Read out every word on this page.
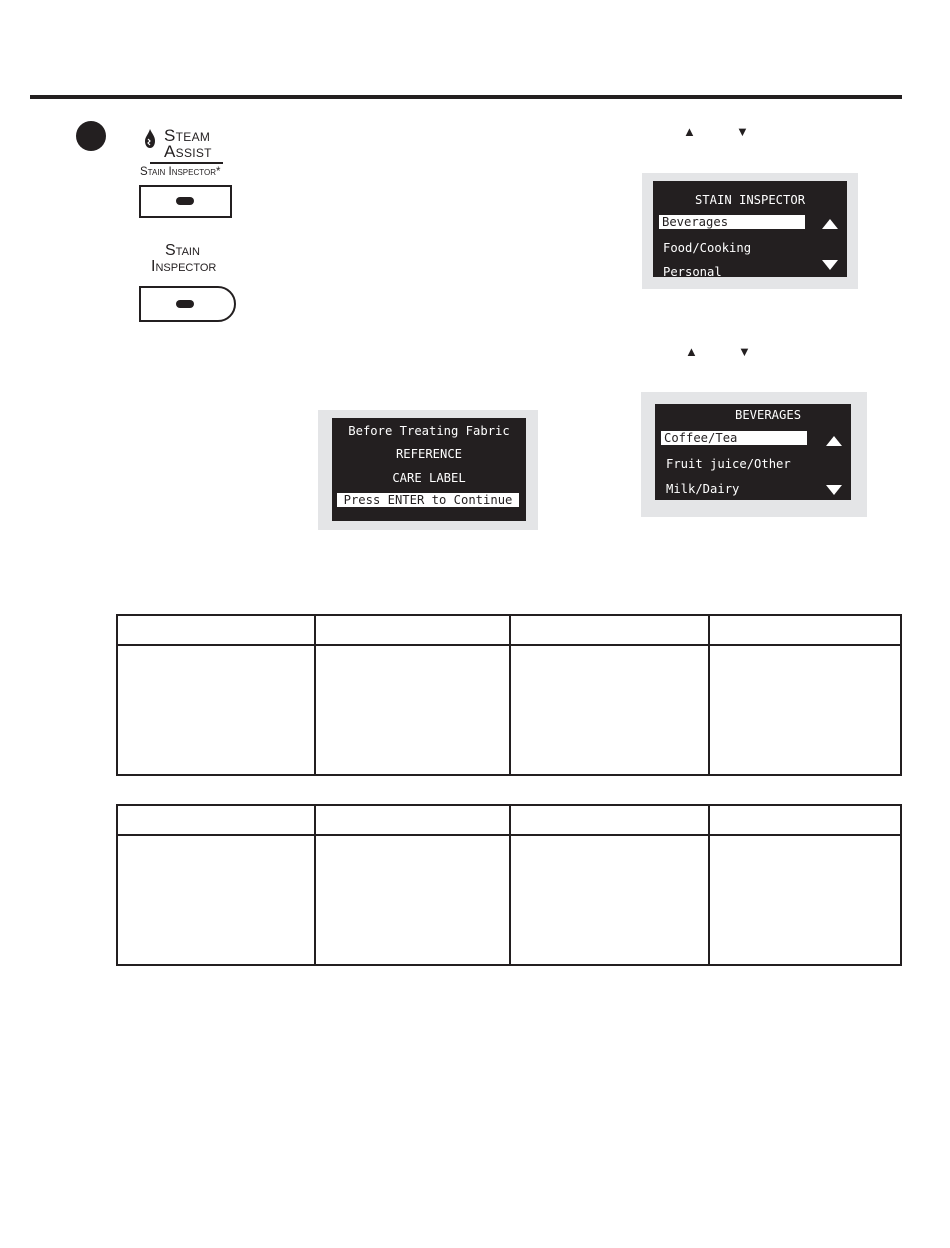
Steam
Assist
Stain Inspector*
Stain
Inspector
▲	▼
STAIN INSPECTOR
Beverages
Food/Cooking
Personal
▲	▼
BEVERAGES
Coffee/Tea
Fruit juice/Other
Milk/Dairy
Before Treating Fabric
REFERENCE
CARE LABEL
Press ENTER to Continue
